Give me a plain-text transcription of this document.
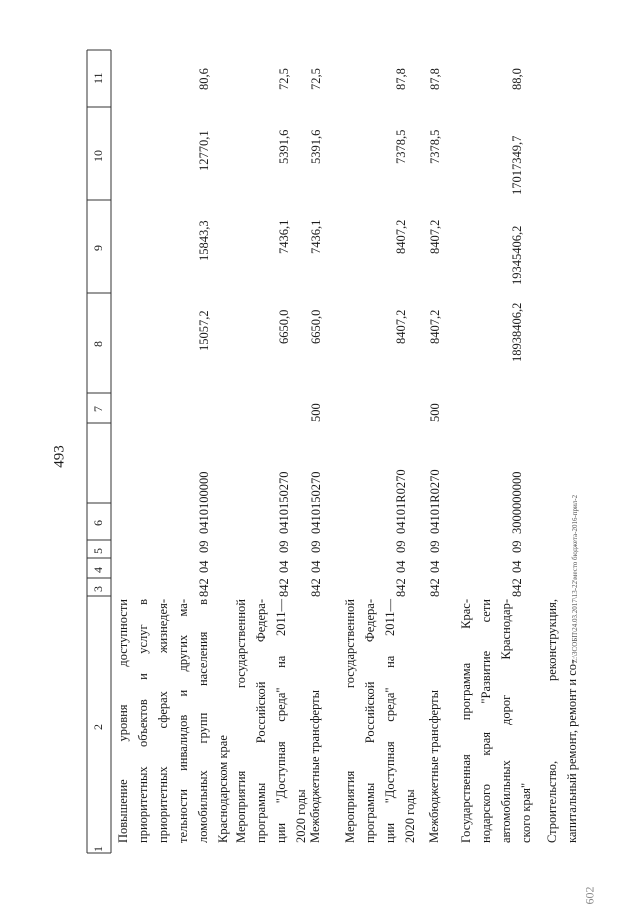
493
Z:\ЗСОБП\24.03.2017\13-22\место бюджета-2016-прил-2
602
1
2
3
4
5
6
7
8
9
10
11
Повышение уровня доступности приоритетных объектов и услуг в приоритетных сферах жизнедея- тельности инвалидов и других ма- ломобильных групп населения в Краснодарском крае
842
04
09
0410100000
15057,2
15843,3
12770,1
80,6
Мероприятия государственной программы Российской Федера- ции "Доступная среда" на 2011— 2020 годы
842
04
09
0410150270
6650,0
7436,1
5391,6
72,5
Межбюджетные трансферты
842
04
09
0410150270
500
6650,0
7436,1
5391,6
72,5
Мероприятия государственной программы Российской Федера- ции "Доступная среда" на 2011— 2020 годы
842
04
09
04101R0270
8407,2
8407,2
7378,5
87,8
Межбюджетные трансферты
842
04
09
04101R0270
500
8407,2
8407,2
7378,5
87,8
Государственная программа Крас- нодарского края "Развитие сети автомобильных дорог Краснодар- ского края"
842
04
09
3000000000
18938406,2
19345406,2
17017349,7
88,0
Строительство, реконструкция, капитальный ремонт, ремонт и со-
